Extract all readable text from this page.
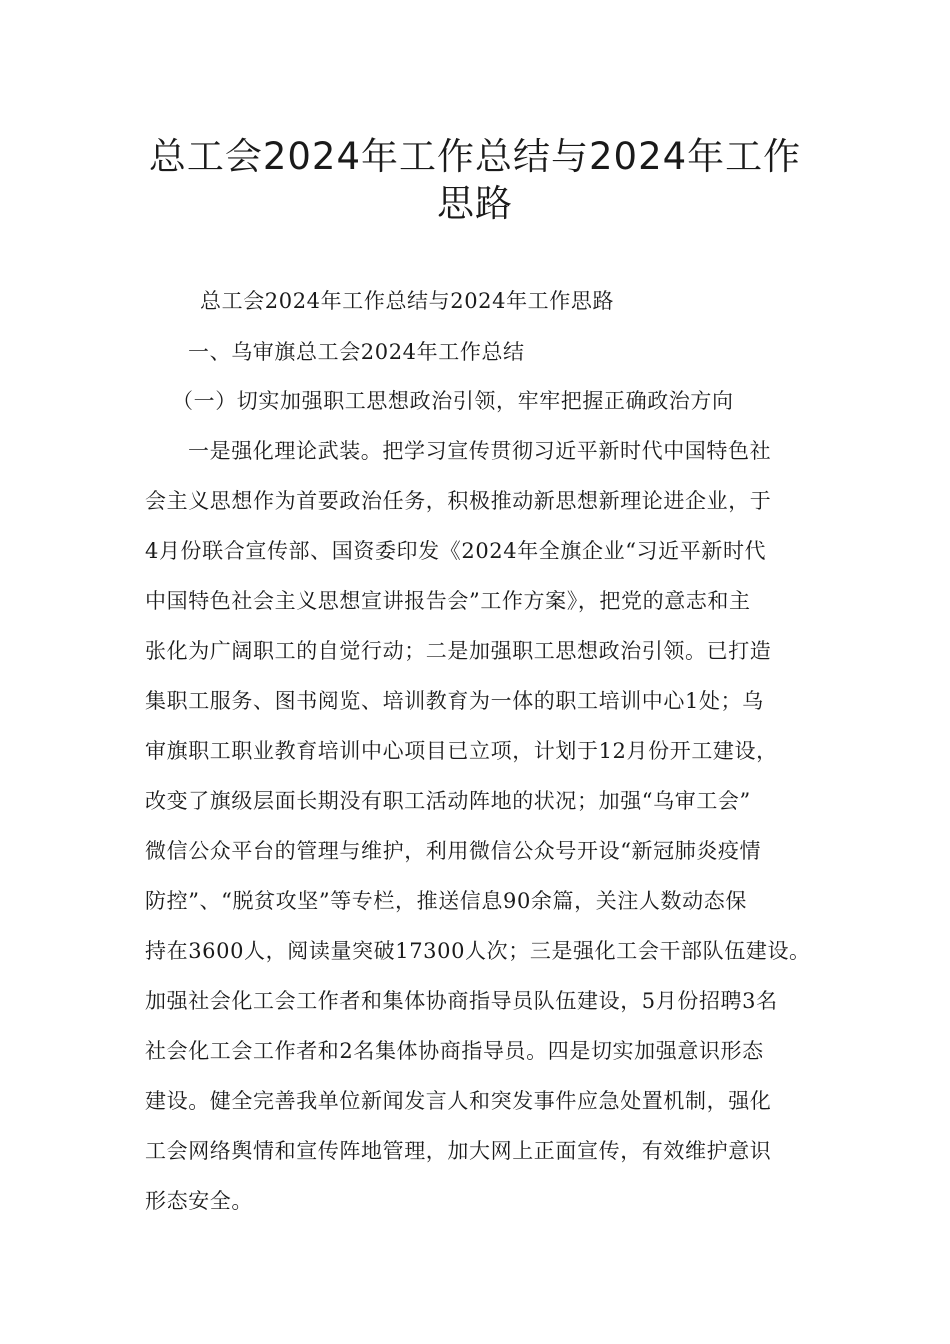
总工会2024年工作总结与2024年工作
思路

总工会2024年工作总结与2024年工作思路

一、乌审旗总工会2024年工作总结

（一）切实加强职工思想政治引领，牢牢把握正确政治方向

一是强化理论武装。把学习宣传贯彻习近平新时代中国特色社

会主义思想作为首要政治任务，积极推动新思想新理论进企业，于

4月份联合宣传部、国资委印发《2024年全旗企业“习近平新时代

中国特色社会主义思想宣讲报告会”工作方案》，把党的意志和主

张化为广阔职工的自觉行动；二是加强职工思想政治引领。已打造

集职工服务、图书阅览、培训教育为一体的职工培训中心1处；乌

审旗职工职业教育培训中心项目已立项，计划于12月份开工建设，

改变了旗级层面长期没有职工活动阵地的状况；加强“乌审工会”

微信公众平台的管理与维护，利用微信公众号开设“新冠肺炎疫情

防控”、“脱贫攻坚”等专栏，推送信息90余篇，关注人数动态保

持在3600人，阅读量突破17300人次；三是强化工会干部队伍建设。

加强社会化工会工作者和集体协商指导员队伍建设，5月份招聘3名

社会化工会工作者和2名集体协商指导员。四是切实加强意识形态

建设。健全完善我单位新闻发言人和突发事件应急处置机制，强化

工会网络舆情和宣传阵地管理，加大网上正面宣传，有效维护意识

形态安全。
